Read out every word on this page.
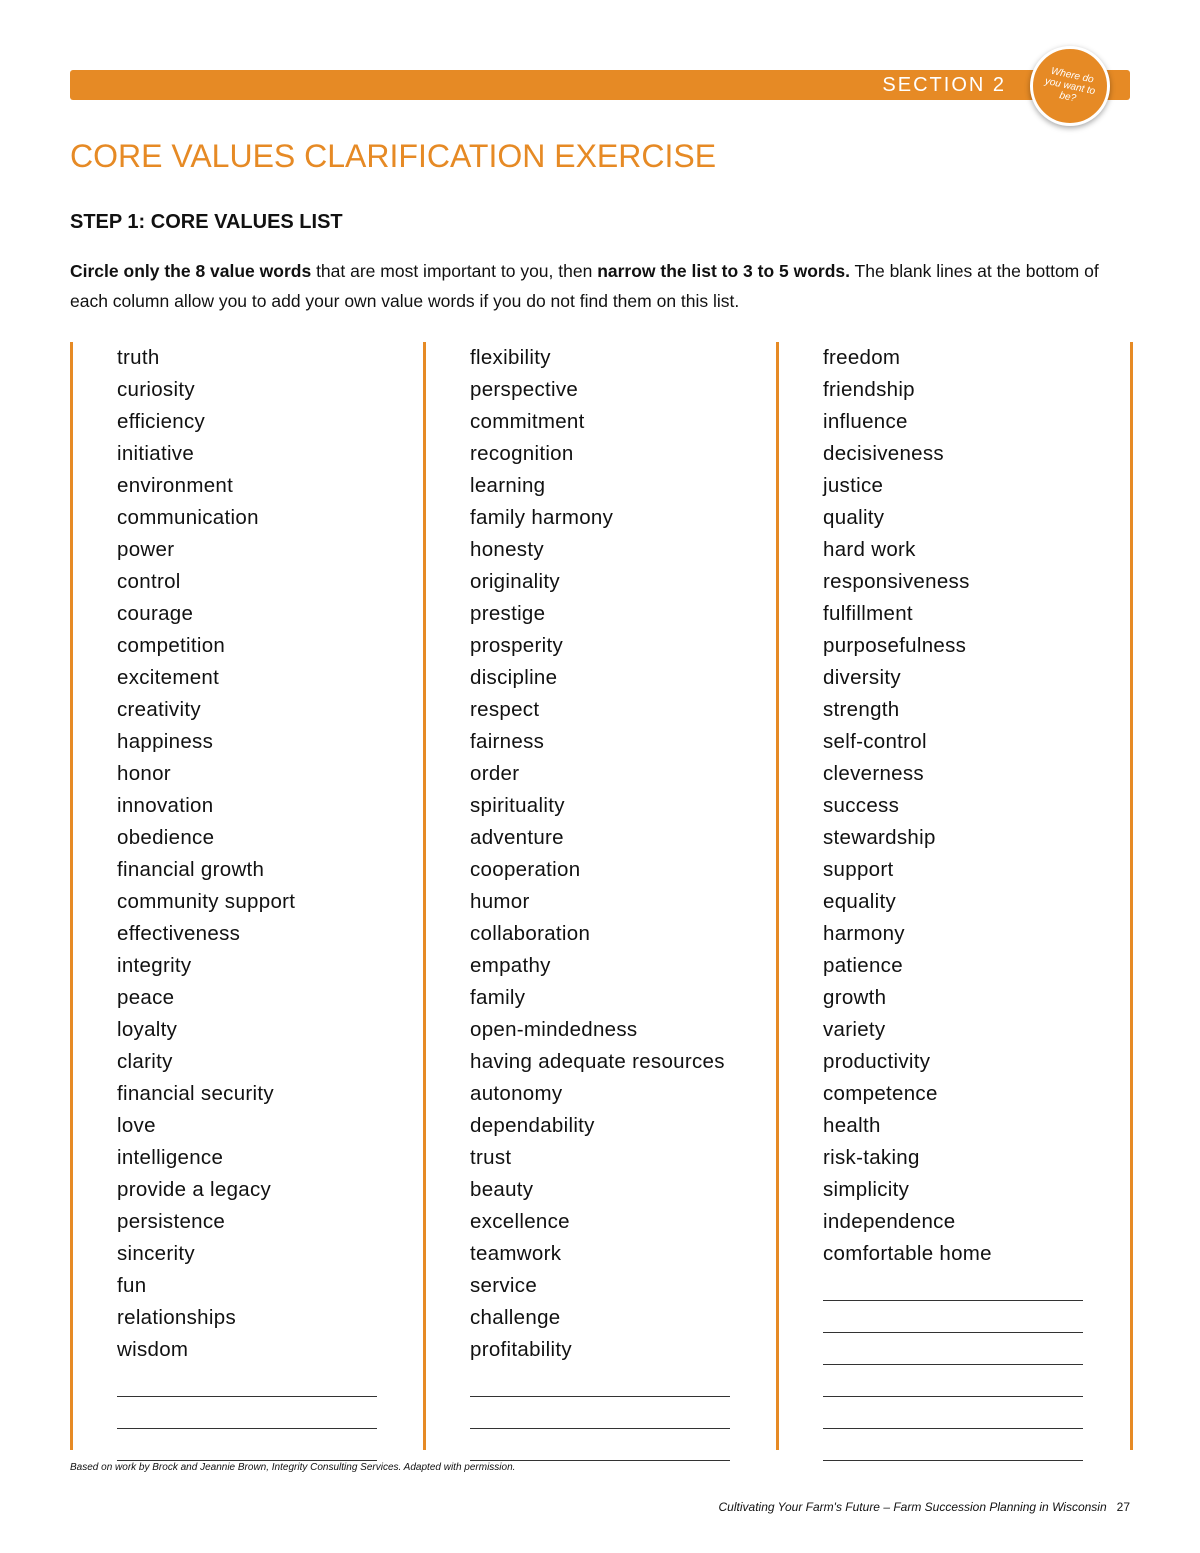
SECTION 2	Where do you want to be?
CORE VALUES CLARIFICATION EXERCISE
STEP 1: CORE VALUES LIST

Circle only the 8 value words that are most important to you, then narrow the list to 3 to 5 words. The blank lines at the bottom of each column allow you to add your own value words if you do not find them on this list.

truth
curiosity
efficiency
initiative
environment
communication
power
control
courage
competition
excitement
creativity
happiness
honor
innovation
obedience
financial growth
community support
effectiveness
integrity
peace
loyalty
clarity
financial security
love
intelligence
provide a legacy
persistence
sincerity
fun
relationships
wisdom
flexibility
perspective
commitment
recognition
learning
family harmony
honesty
originality
prestige
prosperity
discipline
respect
fairness
order
spirituality
adventure
cooperation
humor
collaboration
empathy
family
open-mindedness
having adequate resources
autonomy
dependability
trust
beauty
excellence
teamwork
service
challenge
profitability
freedom
friendship
influence
decisiveness
justice
quality
hard work
responsiveness
fulfillment
purposefulness
diversity
strength
self-control
cleverness
success
stewardship
support
equality
harmony
patience
growth
variety
productivity
competence
health
risk-taking
simplicity
independence
comfortable home

Based on work by Brock and Jeannie Brown, Integrity Consulting Services. Adapted with permission.

Cultivating Your Farm's Future – Farm Succession Planning in Wisconsin 27
